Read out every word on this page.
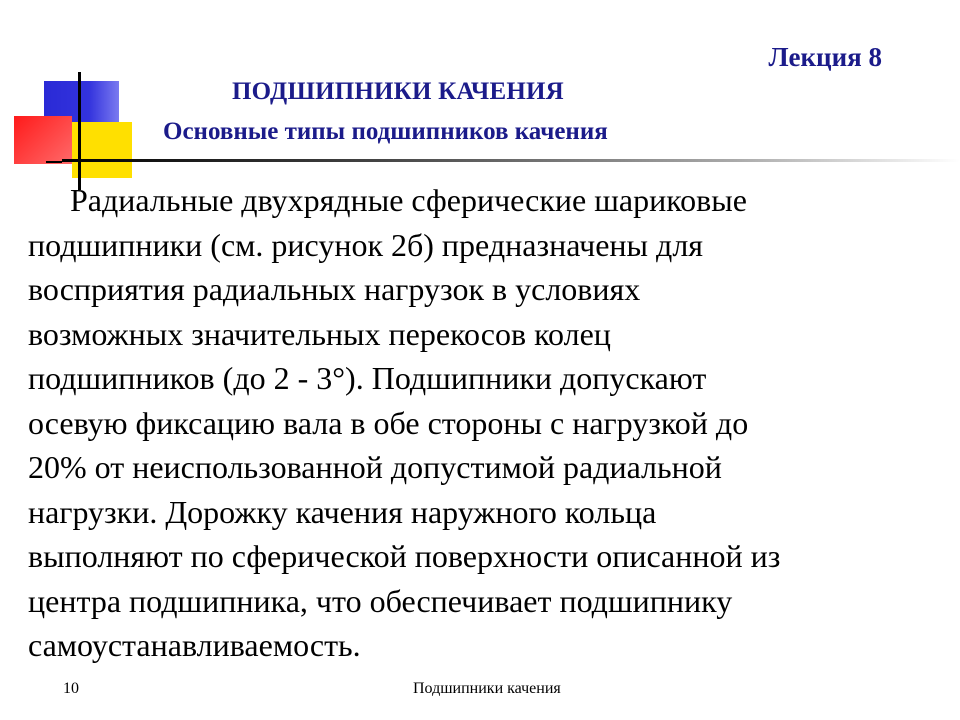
Лекция 8

ПОДШИПНИКИ КАЧЕНИЯ
Основные типы подшипников качения

Радиальные двухрядные сферические шариковые
подшипники (см. рисунок 2б) предназначены для
восприятия радиальных нагрузок в условиях
возможных значительных перекосов колец
подшипников (до 2 - 3°). Подшипники допускают
осевую фиксацию вала в обе стороны с нагрузкой до
20% от неиспользованной допустимой радиальной
нагрузки. Дорожку качения наружного кольца
выполняют по сферической поверхности описанной из
центра подшипника, что обеспечивает подшипнику
самоустанавливаемость.

10	Подшипники качения
